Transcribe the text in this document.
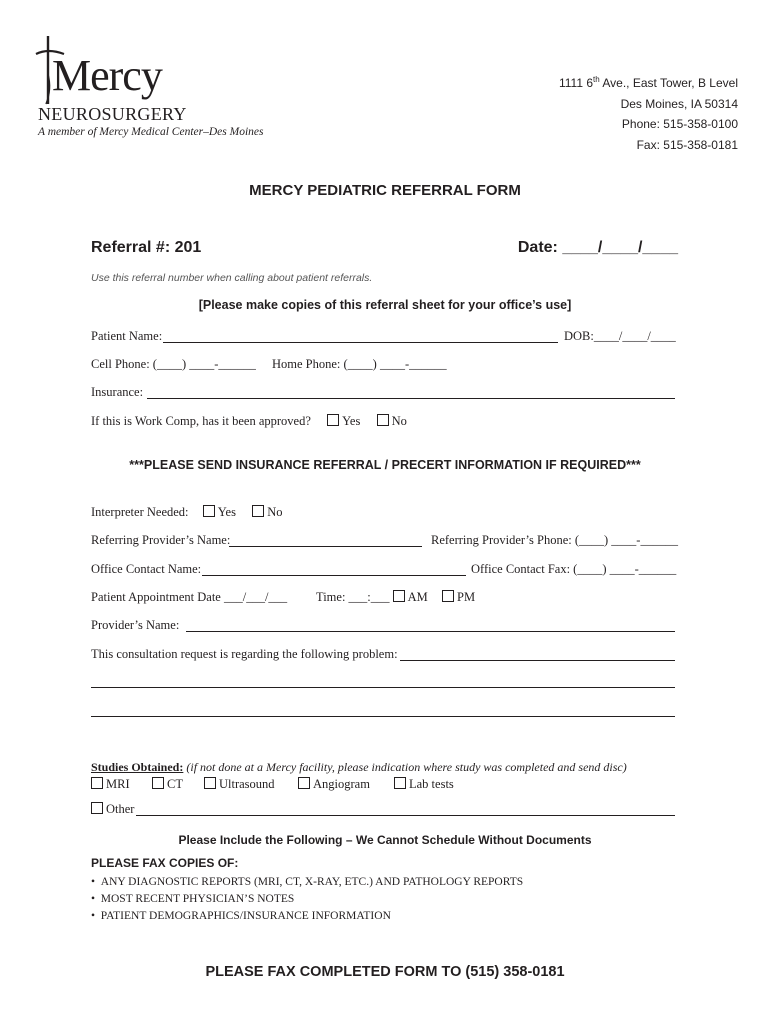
Mercy
NEUROSURGERY
A member of Mercy Medical Center–Des Moines
1111 6th Ave., East Tower, B Level
Des Moines, IA 50314
Phone: 515-358-0100
Fax: 515-358-0181
MERCY PEDIATRIC REFERRAL FORM
Referral #: 201	Date: ____/____/____
Use this referral number when calling about patient referrals.
[Please make copies of this referral sheet for your office’s use]
Patient Name:	DOB:____/____/____
Cell Phone: (____) ____-______ Home Phone: (____) ____-______
Insurance:
If this is Work Comp, has it been approved?	Yes	No
***PLEASE SEND INSURANCE REFERRAL / PRECERT INFORMATION IF REQUIRED***
Interpreter Needed: Yes	No
Referring Provider’s Name:	Referring Provider’s Phone: (____) ____-______
Office Contact Name:	Office Contact Fax: (____) ____-______
Patient Appointment Date ___/___/___ Time: ___:___ AM PM
Provider’s Name:
This consultation request is regarding the following problem:
Studies Obtained: (if not done at a Mercy facility, please indication where study was completed and send disc)
MRI	CT	Ultrasound	Angiogram	Lab tests
Other
Please Include the Following – We Cannot Schedule Without Documents
PLEASE FAX COPIES OF:
•  ANY DIAGNOSTIC REPORTS (MRI, CT, X-RAY, ETC.) AND PATHOLOGY REPORTS
•  MOST RECENT PHYSICIAN’S NOTES
•  PATIENT DEMOGRAPHICS/INSURANCE INFORMATION
PLEASE FAX COMPLETED FORM TO (515) 358-0181
